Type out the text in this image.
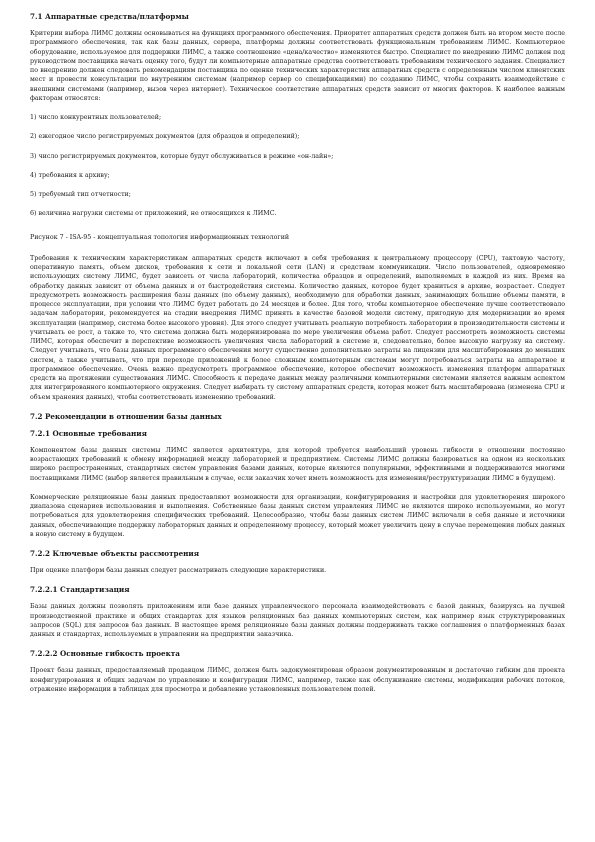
7.1 Аппаратные средства/платформы

Критерии выбора ЛИМС должны основываться на функциях программного обеспечения. Приоритет аппаратных средств должен быть на втором месте после программного обеспечения, так как базы данных, сервера, платформы должны соответствовать функциональным требованиям ЛИМС. Компьютерное оборудование, используемое для поддержки ЛИМС, а также соотношение «цена/качество» изменяются быстро. Специалист по внедрению ЛИМС должен под руководством поставщика начать оценку того, будут ли компьютерные аппаратные средства соответствовать требованиям технического задания. Специалист по внедрению должен следовать рекомендациям поставщика по оценке технических характеристик аппаратных средств с определенным числом клиентских мест и провести консультации по внутренним системам (например сервер со спецификациями) по созданию ЛИМС, чтобы сохранить взаимодействие с внешними системами (например, вызов через интернет). Техническое соответствие аппаратных средств зависит от многих факторов. К наиболее важным факторам относятся:

1) число конкурентных пользователей;
2) ежегодное число регистрируемых документов (для образцов и определений);
3) число регистрируемых документов, которые будут обслуживаться в режиме «он-лайн»;
4) требования к архиву;
5) требуемый тип отчетности;
6) величина нагрузки системы от приложений, не относящихся к ЛИМС.
Рисунок 7 - ISA-95 - концептуальная топология информационных технологий

Требования к техническим характеристикам аппаратных средств включают в себя требования к центральному процессору (CPU), тактовую частоту, оперативную память, объем дисков, требования к сети и локальной сети (LAN) и средствам коммуникации. Число пользователей, одновременно использующих систему ЛИМС, будет зависеть от числа лабораторий, количества образцов и определений, выполняемых в каждой из них. Время на обработку данных зависит от объема данных и от быстродействия системы. Количество данных, которое будет храниться в архиве, возрастает. Следует предусмотреть возможность расширения базы данных (по объему данных), необходимую для обработки данных, занимающих большие объемы памяти, в процессе эксплуатации, при условии что ЛИМС будет работать до 24 месяцев и более. Для того, чтобы компьютерное обеспечение лучше соответствовало задачам лаборатории, рекомендуется на стадии внедрения ЛИМС принять в качестве базовой модели систему, пригодную для модернизации во время эксплуатации (например, система более высокого уровня). Для этого следует учитывать реальную потребность лаборатории в производительности системы и учитывать ее рост, а также то, что система должна быть модернизирована по мере увеличения объема работ. Следует рассмотреть возможность системы ЛИМС, которая обеспечит в перспективе возможность увеличения числа лабораторий в системе и, следовательно, более высокую нагрузку на систему. Следует учитывать, что базы данных программного обеспечения могут существенно дополнительно затраты на лицензии для масштабирования до меньших систем, а также учитывать, что при переходе приложений к более сложным компьютерным системам могут потребоваться затраты на аппаратное и программное обеспечение. Очень важно предусмотреть программное обеспечение, которое обеспечит возможность изменения платформ аппаратных средств на протяжении существования ЛИМС. Способность к передаче данных между различными компьютерными системами является важным аспектом для интегрированного компьютерного окружения. Следует выбирать ту систему аппаратных средств, которая может быть масштабирована (изменена CPU и объем хранения данных), чтобы соответствовать изменению требований.

7.2 Рекомендации в отношении базы данных
7.2.1 Основные требования

Компонентом базы данных системы ЛИМС является архитектура, для которой требуется наибольший уровень гибкости в отношении постоянно возрастающих требований к обмену информацией между лабораторией и предприятием. Системы ЛИМС должны базироваться на одном из нескольких широко распространенных, стандартных систем управления базами данных, которые являются популярными, эффективными и поддерживаются многими поставщиками ЛИМС (выбор является правильным в случае, если заказчик хочет иметь возможность для изменения/реструктуризации ЛИМС в будущем).

Коммерческие реляционные базы данных предоставляют возможности для организации, конфигурирования и настройки для удовлетворения широкого диапазона сценариев использования и выполнения. Собственные базы данных систем управления ЛИМС не являются широко используемыми, но могут потребоваться для удовлетворения специфических требований. Целесообразно, чтобы базы данных систем ЛИМС включали в себя данные и источники данных, обеспечивающие поддержку лабораторных данных и определенному процессу, который может увеличить цену в случае перемещения любых данных в новую систему в будущем.

7.2.2 Ключевые объекты рассмотрения

При оценке платформ базы данных следует рассматривать следующие характеристики.

7.2.2.1 Стандартизация

Базы данных должны позволять приложениям или базе данных управленческого персонала взаимодействовать с базой данных, базируясь на лучшей производственной практике и общих стандартах для языков реляционных баз данных компьютерных систем, как например язык структурированных запросов (SQL) для запросов баз данных. В настоящее время реляционные базы данных должны поддерживать также соглашения о платформенных базах данных и стандартах, используемых в управлении на предприятии заказчика.

7.2.2.2 Основные гибкость проекта

Проект базы данных, предоставляемый продавцом ЛИМС, должен быть задокументирован образом документированным и достаточно гибким для проекта конфигурирования и общих задачам по управлению и конфигурации ЛИМС, например, также как обслуживание системы, модификации рабочих потоков, отражение информации в таблицах для просмотра и добавление установленных пользователем полей.
